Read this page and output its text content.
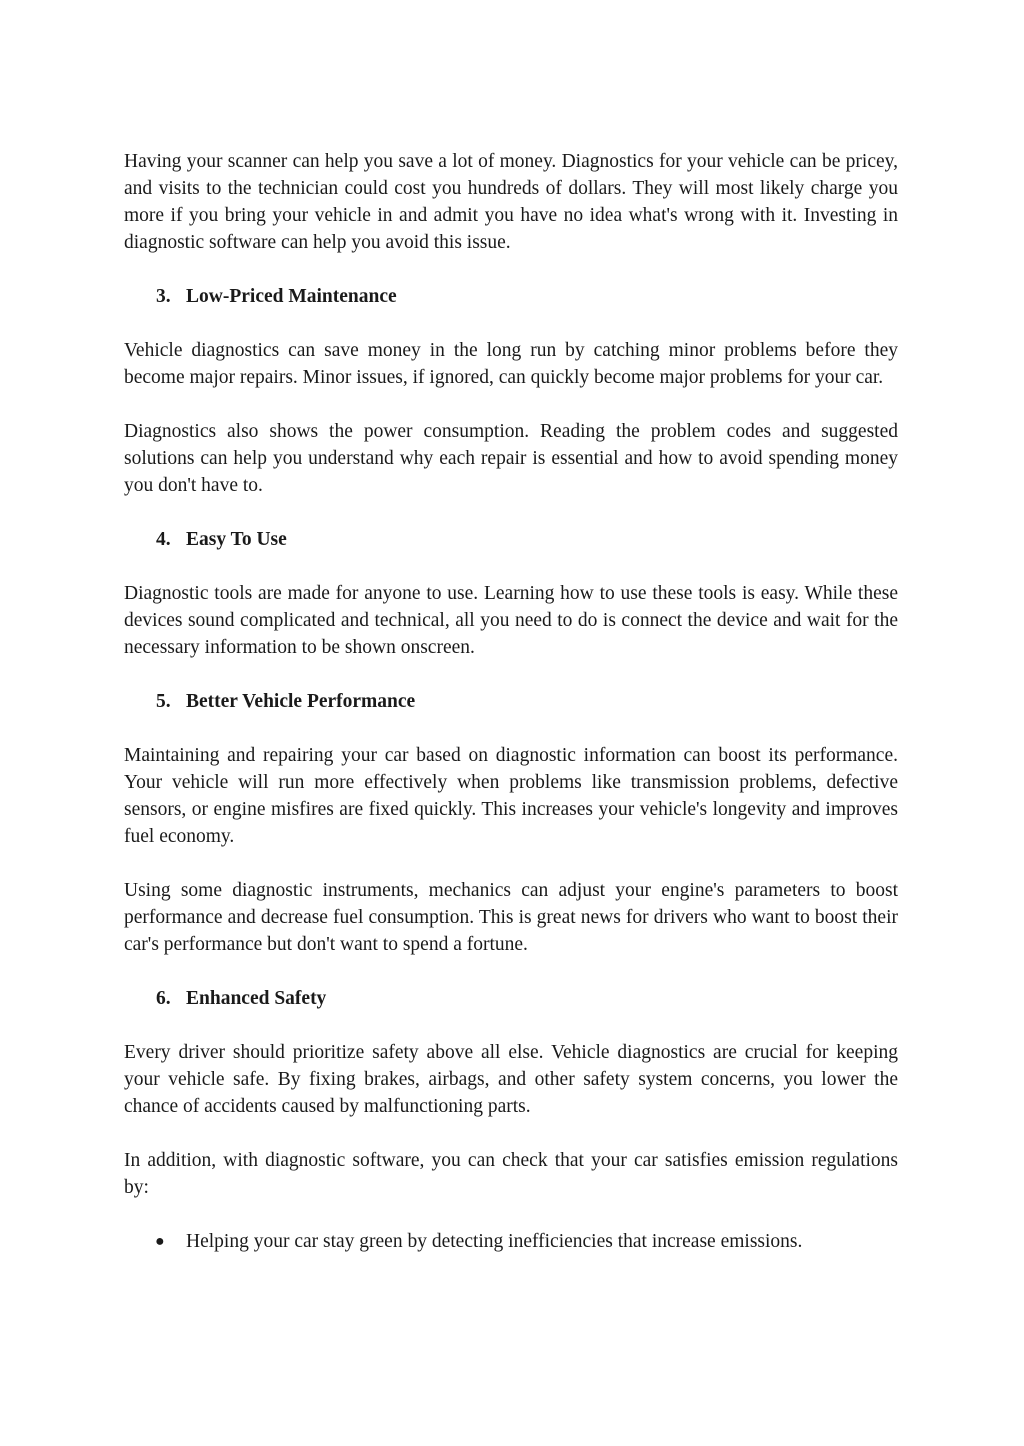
Having your scanner can help you save a lot of money. Diagnostics for your vehicle can be pricey, and visits to the technician could cost you hundreds of dollars. They will most likely charge you more if you bring your vehicle in and admit you have no idea what's wrong with it. Investing in diagnostic software can help you avoid this issue.

3. Low-Priced Maintenance

Vehicle diagnostics can save money in the long run by catching minor problems before they become major repairs. Minor issues, if ignored, can quickly become major problems for your car.

Diagnostics also shows the power consumption. Reading the problem codes and suggested solutions can help you understand why each repair is essential and how to avoid spending money you don't have to.

4. Easy To Use

Diagnostic tools are made for anyone to use. Learning how to use these tools is easy. While these devices sound complicated and technical, all you need to do is connect the device and wait for the necessary information to be shown onscreen.

5. Better Vehicle Performance

Maintaining and repairing your car based on diagnostic information can boost its performance. Your vehicle will run more effectively when problems like transmission problems, defective sensors, or engine misfires are fixed quickly. This increases your vehicle's longevity and improves fuel economy.

Using some diagnostic instruments, mechanics can adjust your engine's parameters to boost performance and decrease fuel consumption. This is great news for drivers who want to boost their car's performance but don't want to spend a fortune.

6. Enhanced Safety

Every driver should prioritize safety above all else. Vehicle diagnostics are crucial for keeping your vehicle safe. By fixing brakes, airbags, and other safety system concerns, you lower the chance of accidents caused by malfunctioning parts.

In addition, with diagnostic software, you can check that your car satisfies emission regulations by:

●	Helping your car stay green by detecting inefficiencies that increase emissions.
